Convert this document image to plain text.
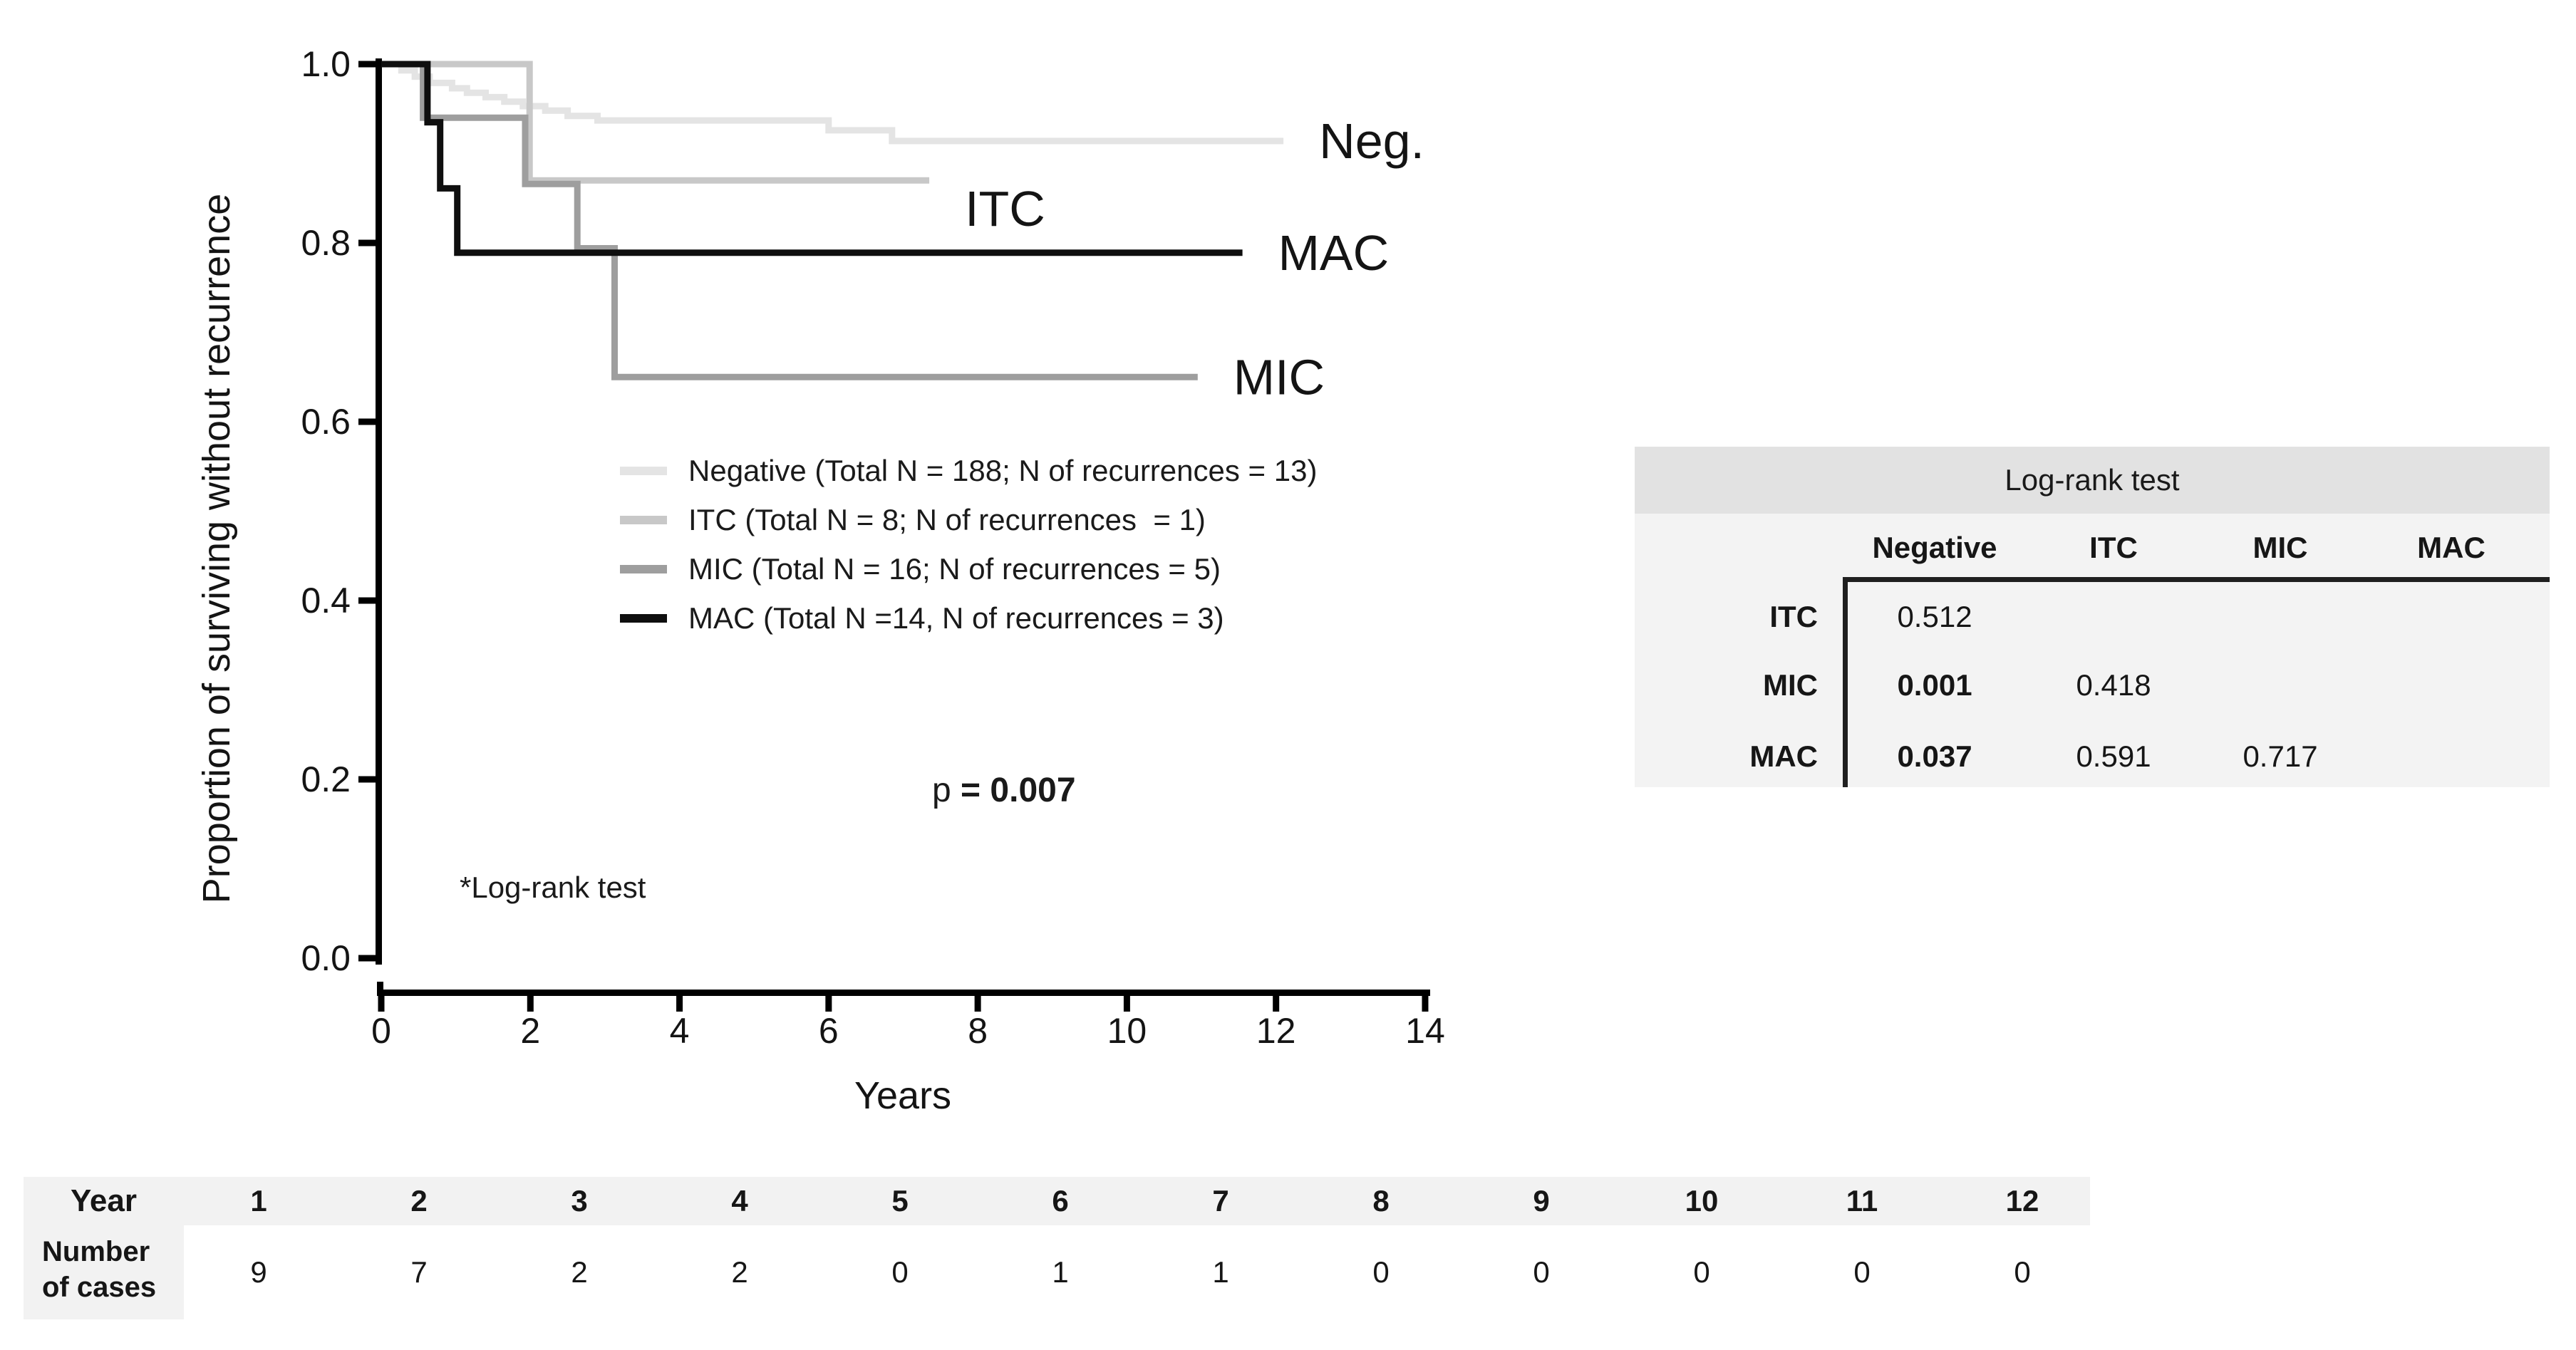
1.0
0.8
0.6
0.4
0.2
0.0
0	2	4	6	8	10	12	14
Years
Proportion of surviving without recurrence
Neg.
ITC
MIC
MAC
Negative (Total N = 188; N of recurrences = 13)
ITC (Total N = 8; N of recurrences  = 1)
MIC (Total N = 16; N of recurrences = 5)
MAC (Total N =14, N of recurrences = 3)
p = 0.007
*Log-rank test
Log-rank test
Negative	ITC	MIC	MAC
ITC	0.512
MIC	0.001	0.418
MAC	0.037	0.591	0.717
Year	1	2	3	4	5	6	7	8	9	10	11	12
Number
of cases	9	7	2	2	0	1	1	0	0	0	0	0
